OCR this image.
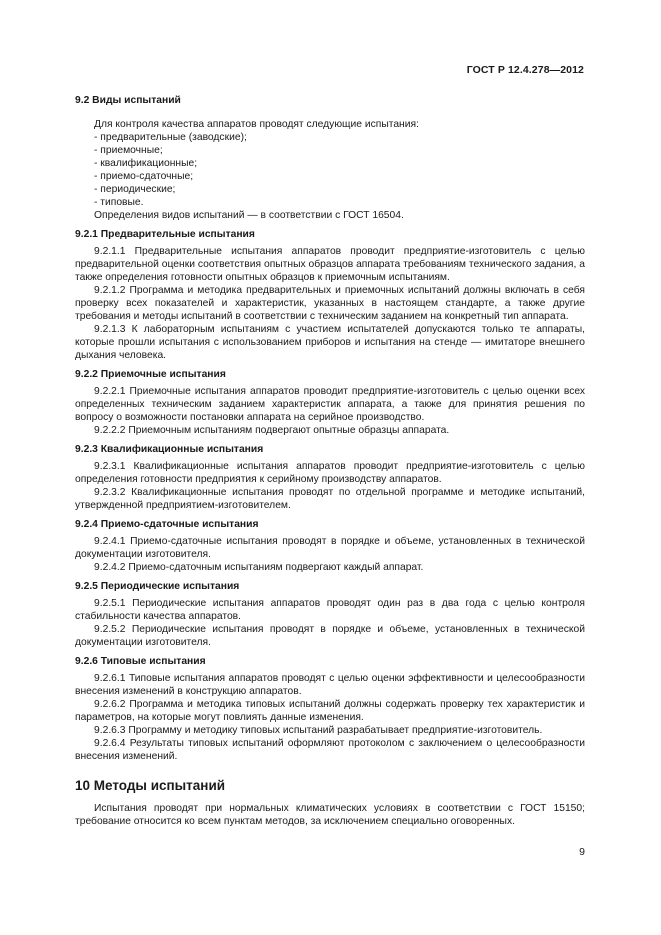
ГОСТ Р 12.4.278—2012

9.2 Виды испытаний

Для контроля качества аппаратов проводят следующие испытания:

- предварительные (заводские);
- приемочные;
- квалификационные;
- приемо-сдаточные;
- периодические;
- типовые.

Определения видов испытаний — в соответствии с ГОСТ 16504.

9.2.1 Предварительные испытания

9.2.1.1 Предварительные испытания аппаратов проводит предприятие-изготовитель с целью предварительной оценки соответствия опытных образцов аппарата требованиям технического задания, а также определения готовности опытных образцов к приемочным испытаниям.

9.2.1.2 Программа и методика предварительных и приемочных испытаний должны включать в себя проверку всех показателей и характеристик, указанных в настоящем стандарте, а также другие требования и методы испытаний в соответствии с техническим заданием на конкретный тип аппарата.

9.2.1.3 К лабораторным испытаниям с участием испытателей допускаются только те аппараты, которые прошли испытания с использованием приборов и испытания на стенде — имитаторе внешнего дыхания человека.

9.2.2 Приемочные испытания

9.2.2.1 Приемочные испытания аппаратов проводит предприятие-изготовитель с целью оценки всех определенных техническим заданием характеристик аппарата, а также для принятия решения по вопросу о возможности постановки аппарата на серийное производство.

9.2.2.2 Приемочным испытаниям подвергают опытные образцы аппарата.

9.2.3 Квалификационные испытания

9.2.3.1 Квалификационные испытания аппаратов проводит предприятие-изготовитель с целью определения готовности предприятия к серийному производству аппаратов.

9.2.3.2 Квалификационные испытания проводят по отдельной программе и методике испытаний, утвержденной предприятием-изготовителем.

9.2.4 Приемо-сдаточные испытания

9.2.4.1 Приемо-сдаточные испытания проводят в порядке и объеме, установленных в технической документации изготовителя.

9.2.4.2 Приемо-сдаточным испытаниям подвергают каждый аппарат.

9.2.5 Периодические испытания

9.2.5.1 Периодические испытания аппаратов проводят один раз в два года с целью контроля стабильности качества аппаратов.

9.2.5.2 Периодические испытания проводят в порядке и объеме, установленных в технической документации изготовителя.

9.2.6 Типовые испытания

9.2.6.1 Типовые испытания аппаратов проводят с целью оценки эффективности и целесообразности внесения изменений в конструкцию аппаратов.

9.2.6.2 Программа и методика типовых испытаний должны содержать проверку тех характеристик и параметров, на которые могут повлиять данные изменения.

9.2.6.3 Программу и методику типовых испытаний разрабатывает предприятие-изготовитель.

9.2.6.4 Результаты типовых испытаний оформляют протоколом с заключением о целесообразности внесения изменений.

10 Методы испытаний

Испытания проводят при нормальных климатических условиях в соответствии с ГОСТ 15150; требование относится ко всем пунктам методов, за исключением специально оговоренных.

9
